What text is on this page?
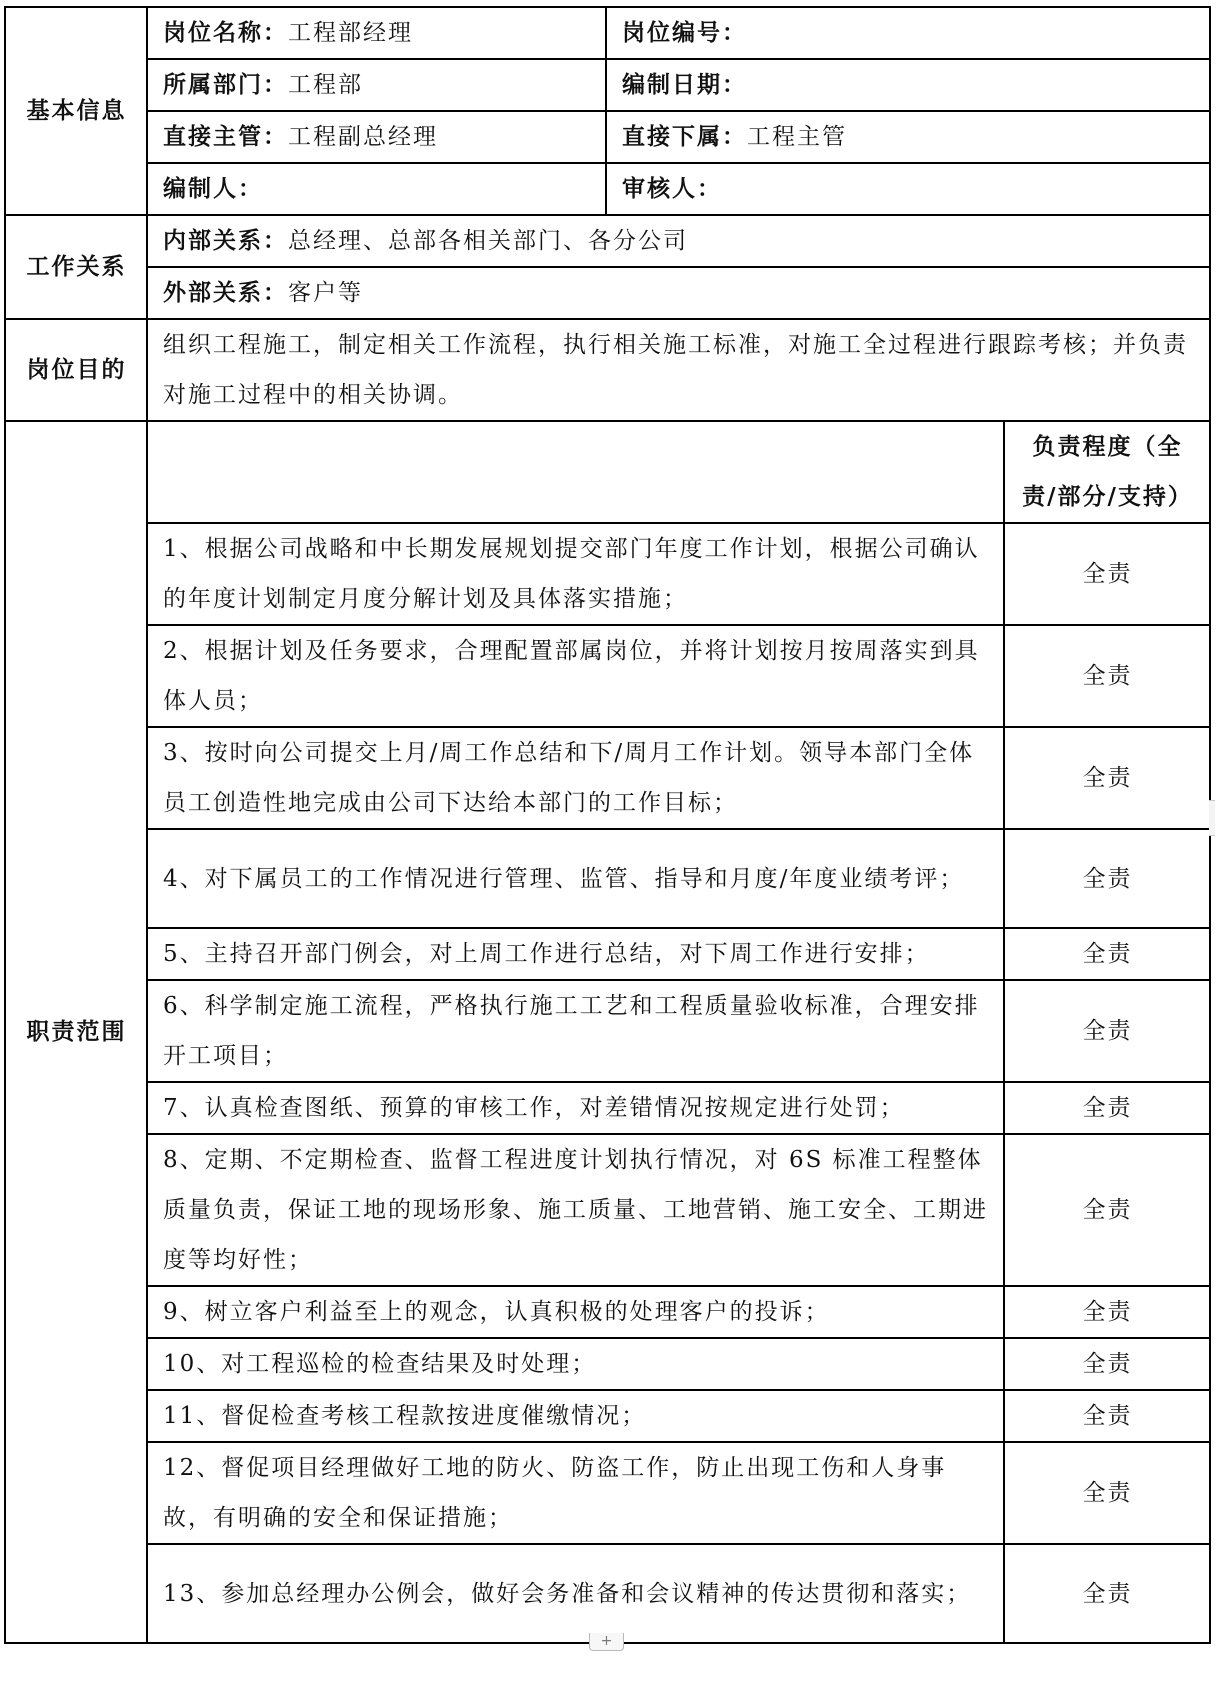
基本信息	岗位名称：工程部经理	岗位编号：	
	所属部门：工程部	编制日期：	
	直接主管：工程副总经理	直接下属：工程主管	
	编制人：	审核人：	
工作关系	内部关系：总经理、总部各相关部门、各分公司		
	外部关系：客户等		
岗位目的	组织工程施工，制定相关工作流程，执行相关施工标准，对施工全过程进行跟踪考核；并负责对施工过程中的相关协调。		
职责范围			负责程度（全责/部分/支持）
	1、根据公司战略和中长期发展规划提交部门年度工作计划，根据公司确认的年度计划制定月度分解计划及具体落实措施；		全责
	2、根据计划及任务要求，合理配置部属岗位，并将计划按月按周落实到具体人员；		全责
	3、按时向公司提交上月/周工作总结和下/周月工作计划。领导本部门全体员工创造性地完成由公司下达给本部门的工作目标；		全责
	4、对下属员工的工作情况进行管理、监管、指导和月度/年度业绩考评；		全责
	5、主持召开部门例会，对上周工作进行总结，对下周工作进行安排；		全责
	6、科学制定施工流程，严格执行施工工艺和工程质量验收标准，合理安排开工项目；		全责
	7、认真检查图纸、预算的审核工作，对差错情况按规定进行处罚；		全责
	8、定期、不定期检查、监督工程进度计划执行情况，对 6S 标准工程整体质量负责，保证工地的现场形象、施工质量、工地营销、施工安全、工期进度等均好性；		全责
	9、树立客户利益至上的观念，认真积极的处理客户的投诉；		全责
	10、对工程巡检的检查结果及时处理；		全责
	11、督促检查考核工程款按进度催缴情况；		全责
	12、督促项目经理做好工地的防火、防盗工作，防止出现工伤和人身事故，有明确的安全和保证措施；		全责
	13、参加总经理办公例会，做好会务准备和会议精神的传达贯彻和落实；		全责
+
